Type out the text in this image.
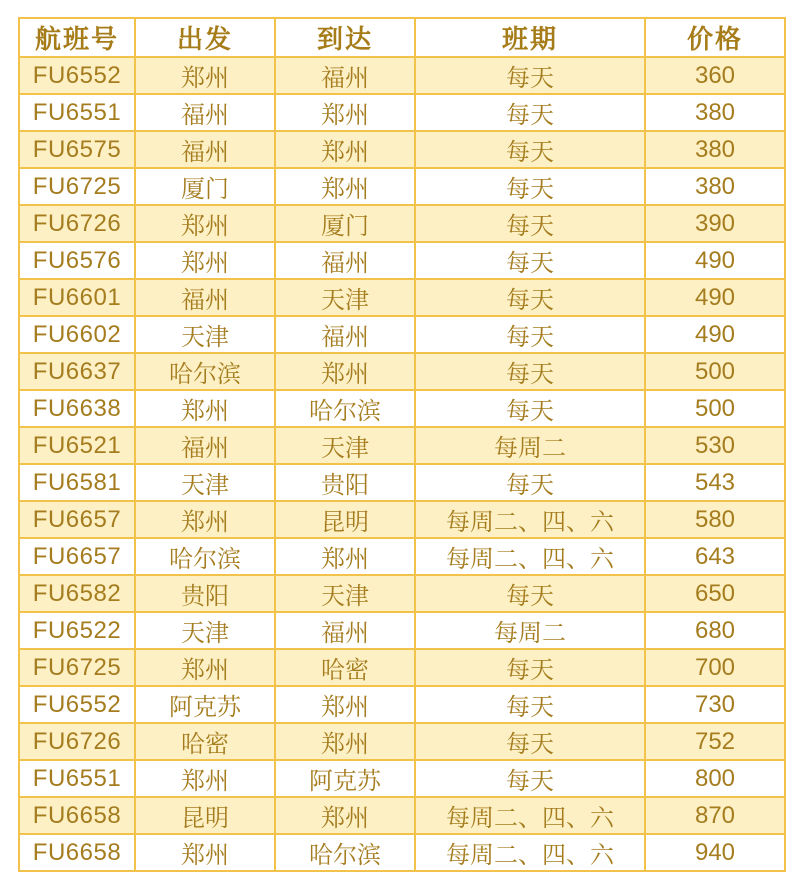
航班号	出发	到达	班期	价格
FU6552	郑州	福州	每天	360
FU6551	福州	郑州	每天	380
FU6575	福州	郑州	每天	380
FU6725	厦门	郑州	每天	380
FU6726	郑州	厦门	每天	390
FU6576	郑州	福州	每天	490
FU6601	福州	天津	每天	490
FU6602	天津	福州	每天	490
FU6637	哈尔滨	郑州	每天	500
FU6638	郑州	哈尔滨	每天	500
FU6521	福州	天津	每周二	530
FU6581	天津	贵阳	每天	543
FU6657	郑州	昆明	每周二、四、六	580
FU6657	哈尔滨	郑州	每周二、四、六	643
FU6582	贵阳	天津	每天	650
FU6522	天津	福州	每周二	680
FU6725	郑州	哈密	每天	700
FU6552	阿克苏	郑州	每天	730
FU6726	哈密	郑州	每天	752
FU6551	郑州	阿克苏	每天	800
FU6658	昆明	郑州	每周二、四、六	870
FU6658	郑州	哈尔滨	每周二、四、六	940
